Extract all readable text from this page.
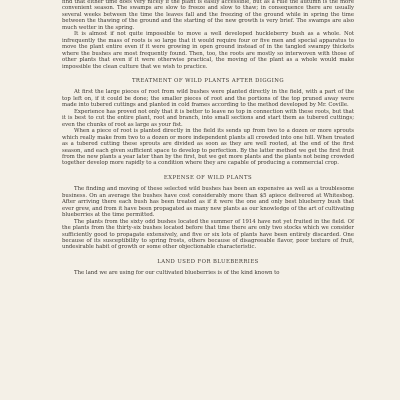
find that either time does very nicely if the plant is easily accessible, but as a rule the autumn is the more convenient season. The swamps are slow to freeze and slow to thaw; in consequence there are usually several weeks between the time the leaves fall and the freezing of the ground while in spring the time between the thawing of the ground and the starting of the new growth is very brief. The swamps are also much wetter in the spring.

It is almost if not quite impossible to move a well developed huckleberry bush as a whole. Not infrequently the mass of roots is so large that it would require four or five men and special apparatus to move the plant entire even if it were growing in open ground instead of in the tangled swampy thickets where the bushes are most frequently found. Then, too, the roots are mostly so interwoven with those of other plants that even if it were otherwise practical, the moving of the plant as a whole would make impossible the clean culture that we wish to practice.

TREATMENT OF WILD PLANTS AFTER DIGGING

At first the large pieces of root from wild bushes were planted directly in the field, with a part of the top left on, if it could be done; the smaller pieces of root and the portions of the top pruned away were made into tubered cuttings and planted in cold frames according to the method developed by Mr. Coville.

Experience has proved not only that it is better to leave no top in connection with these roots, but that it is best to cut the entire plant, root and branch, into small sections and start them as tubered cuttings; even the chunks of root as large as your fist.

When a piece of root is planted directly in the field its sends up from two to a dozen or more sprouts which really make from two to a dozen or more independent plants all crowded into one hill. When treated as a tubered cutting these sprouts are divided as soon as they are well rooted, at the end of the first season, and each given sufficient space to develop to perfection. By the latter method we get the first fruit from the new plants a year later than by the first, but we get more plants and the plants not being crowded together develop more rapidly to a condition where they are capable of producing a commercial crop.

EXPENSE OF WILD PLANTS

The finding and moving of these selected wild bushes has been an expensive as well as a troublesome business. On an average the bushes have cost considerably more than $5 apiece delivered at Whitesbog. After arriving there each bush has been treated as if it were the one and only best blueberry bush that ever grew, and from it have been propagated as many new plants as our knowledge of the art of cultivating blueberries at the time permitted.

The plants from the sixty odd bushes located the summer of 1914 have not yet fruited in the field. Of the plants from the thirty-six bushes located before that time there are only two stocks which we consider sufficiently good to propagate extensively, and five or six lots of plants have been entirely discarded. One because of its susceptibility to spring frosts, others because of disagreeable flavor, poor texture of fruit, undesirable habit of growth or some other objectionable characteristic.

LAND USED FOR BLUEBERRIES

The land we are using for our cultivated blueberries is of the kind known to
